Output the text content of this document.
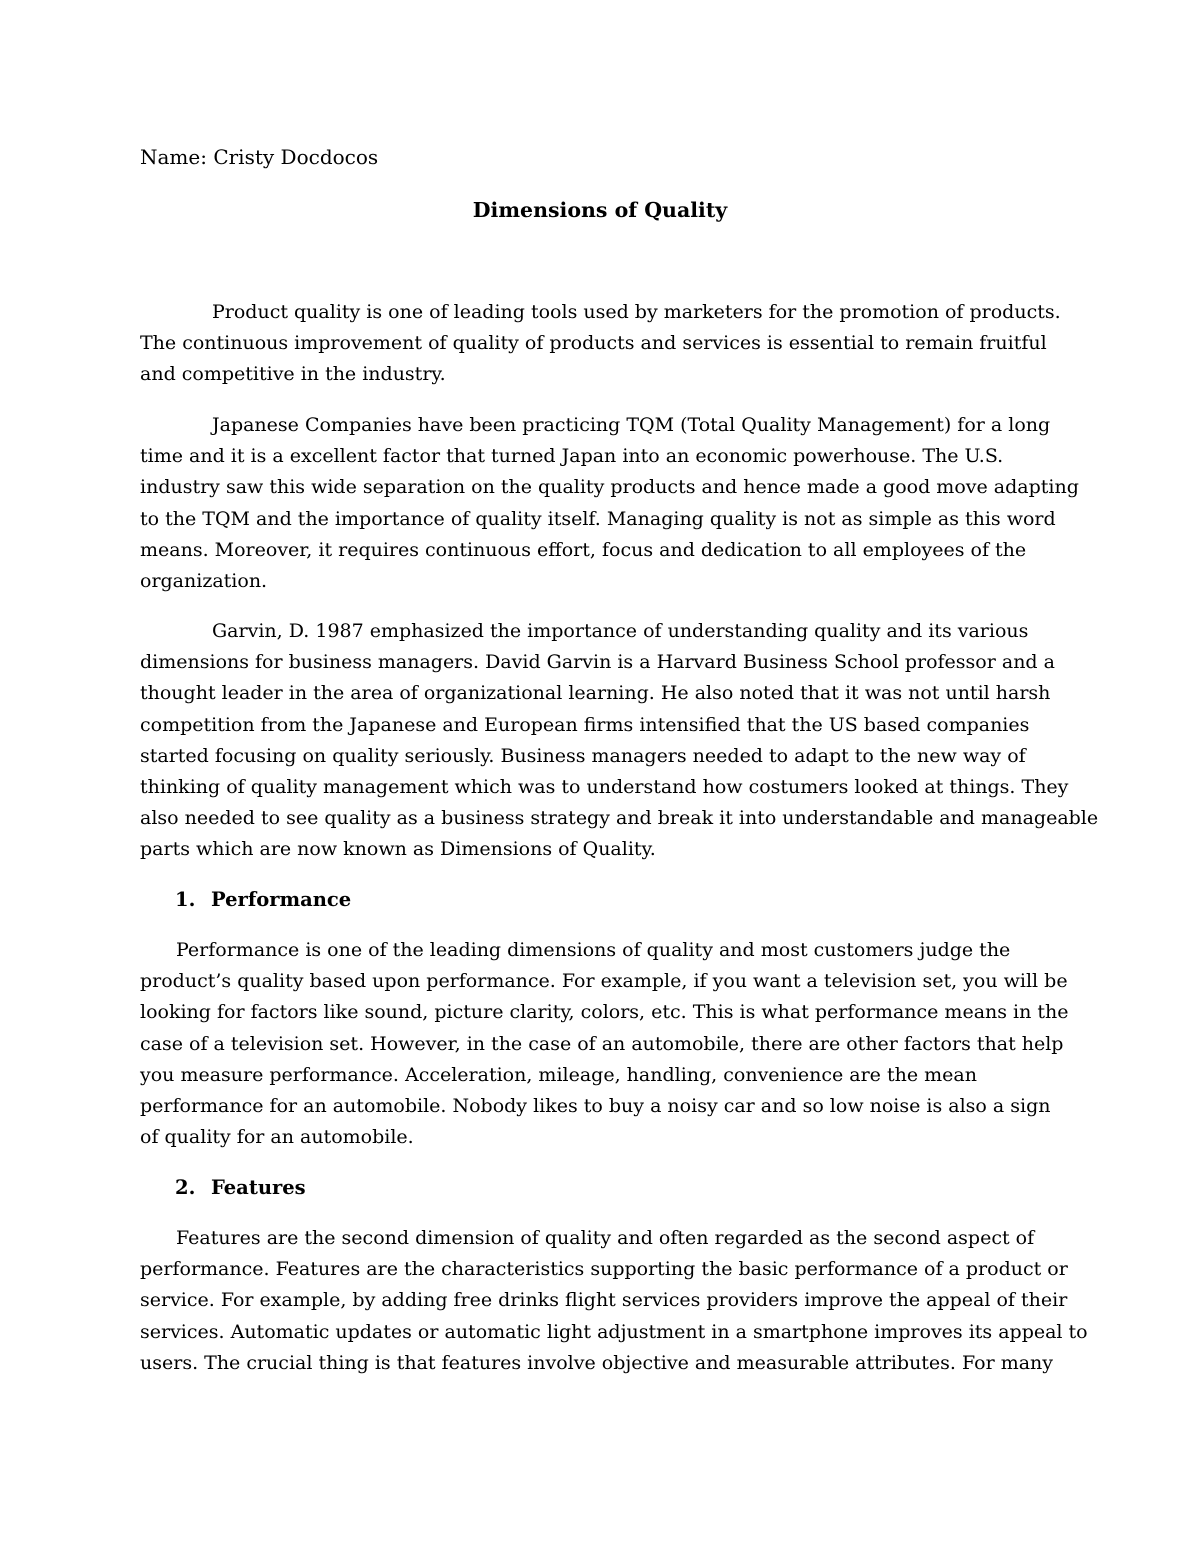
Name: Cristy Docdocos
Dimensions of Quality
Product quality is one of leading tools used by marketers for the promotion of products.
The continuous improvement of quality of products and services is essential to remain fruitful
and competitive in the industry.
Japanese Companies have been practicing TQM (Total Quality Management) for a long
time and it is a excellent factor that turned Japan into an economic powerhouse. The U.S.
industry saw this wide separation on the quality products and hence made a good move adapting
to the TQM and the importance of quality itself. Managing quality is not as simple as this word
means. Moreover, it requires continuous effort, focus and dedication to all employees of the
organization.
Garvin, D. 1987 emphasized the importance of understanding quality and its various
dimensions for business managers. David Garvin is a Harvard Business School professor and a
thought leader in the area of organizational learning. He also noted that it was not until harsh
competition from the Japanese and European firms intensified that the US based companies
started focusing on quality seriously. Business managers needed to adapt to the new way of
thinking of quality management which was to understand how costumers looked at things. They
also needed to see quality as a business strategy and break it into understandable and manageable
parts which are now known as Dimensions of Quality.
1. Performance
Performance is one of the leading dimensions of quality and most customers judge the
product’s quality based upon performance. For example, if you want a television set, you will be
looking for factors like sound, picture clarity, colors, etc. This is what performance means in the
case of a television set. However, in the case of an automobile, there are other factors that help
you measure performance. Acceleration, mileage, handling, convenience are the mean
performance for an automobile. Nobody likes to buy a noisy car and so low noise is also a sign
of quality for an automobile.
2. Features
Features are the second dimension of quality and often regarded as the second aspect of
performance. Features are the characteristics supporting the basic performance of a product or
service. For example, by adding free drinks flight services providers improve the appeal of their
services. Automatic updates or automatic light adjustment in a smartphone improves its appeal to
users. The crucial thing is that features involve objective and measurable attributes. For many
